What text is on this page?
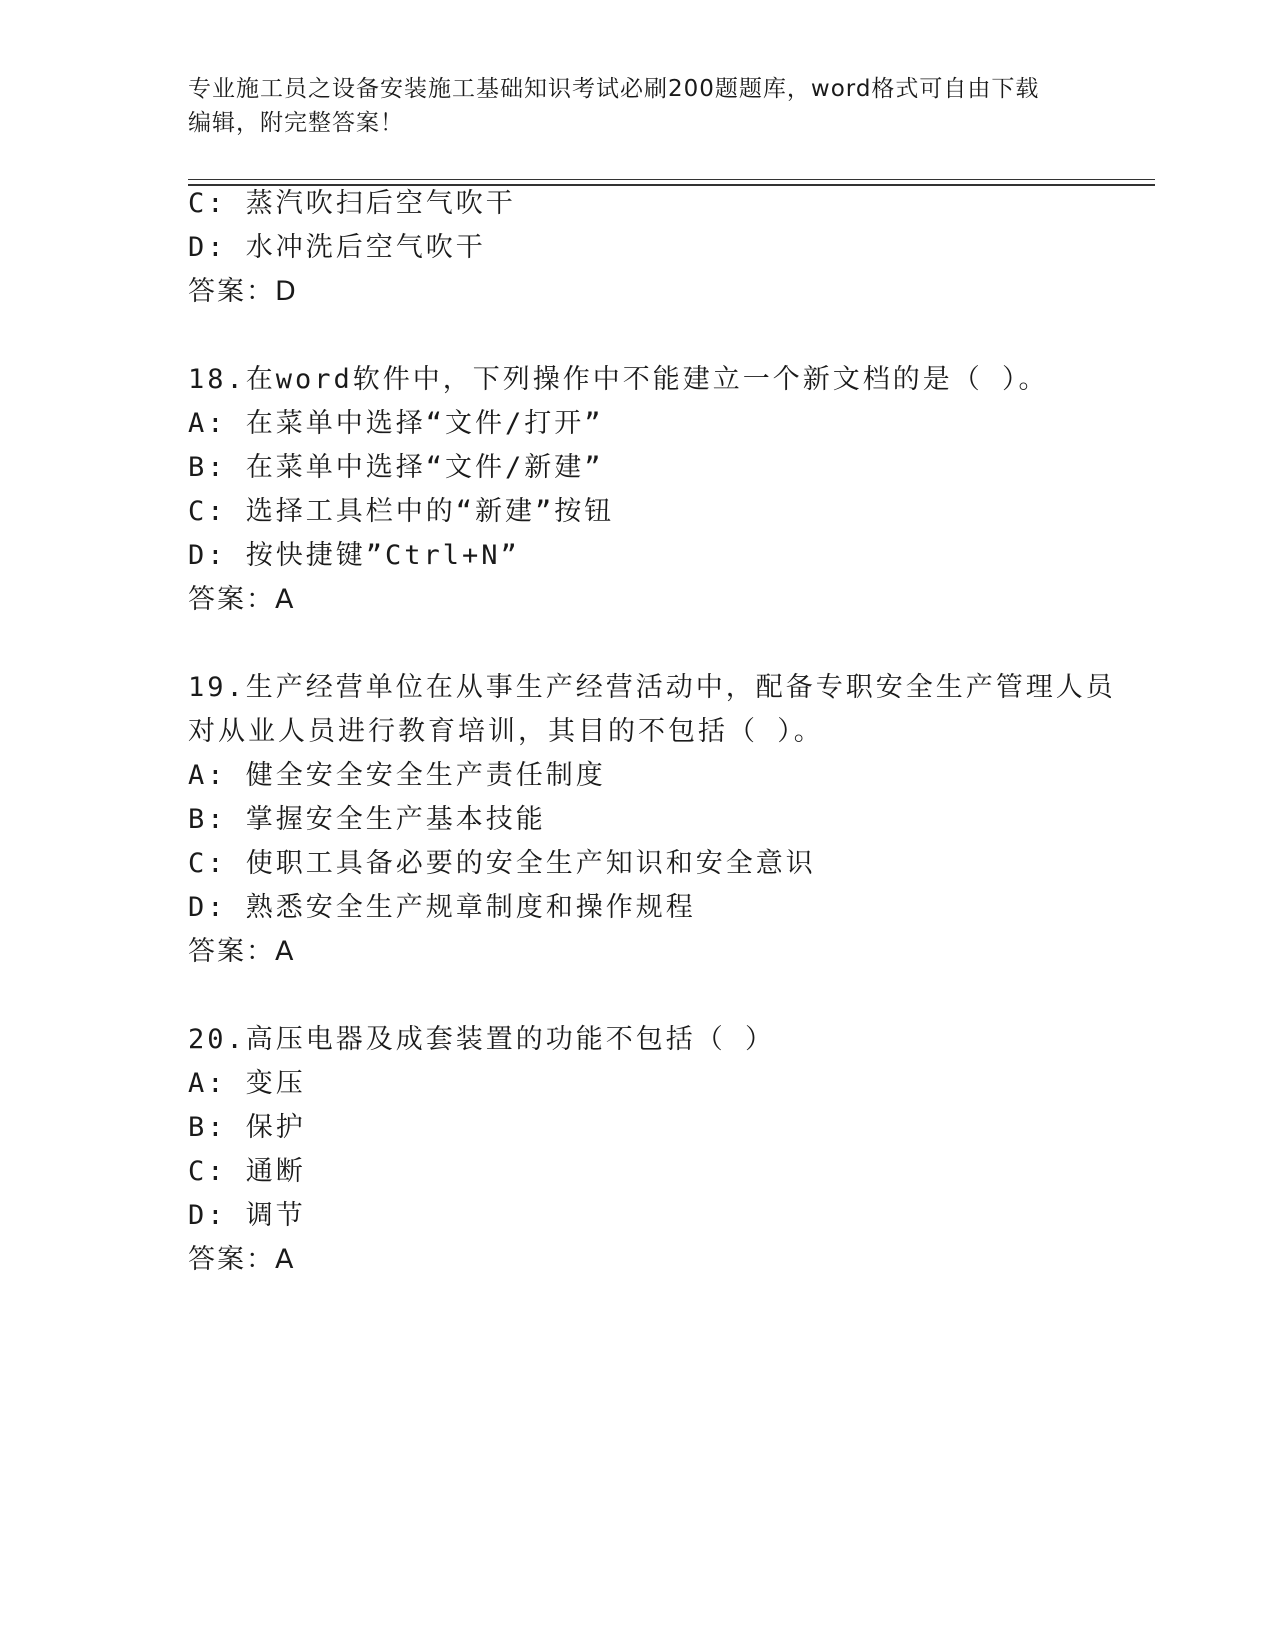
专业施工员之设备安装施工基础知识考试必刷200题题库，word格式可自由下载
编辑，附完整答案！
C: 蒸汽吹扫后空气吹干
D: 水冲洗后空气吹干
答案：D
18.在word软件中，下列操作中不能建立一个新文档的是（ ）。
A: 在菜单中选择“文件/打开”
B: 在菜单中选择“文件/新建”
C: 选择工具栏中的“新建”按钮
D: 按快捷键”Ctrl+N”
答案：A
19.生产经营单位在从事生产经营活动中，配备专职安全生产管理人员
对从业人员进行教育培训，其目的不包括（ ）。
A: 健全安全安全生产责任制度
B: 掌握安全生产基本技能
C: 使职工具备必要的安全生产知识和安全意识
D: 熟悉安全生产规章制度和操作规程
答案：A
20.高压电器及成套装置的功能不包括（ ）
A: 变压
B: 保护
C: 通断
D: 调节
答案：A
